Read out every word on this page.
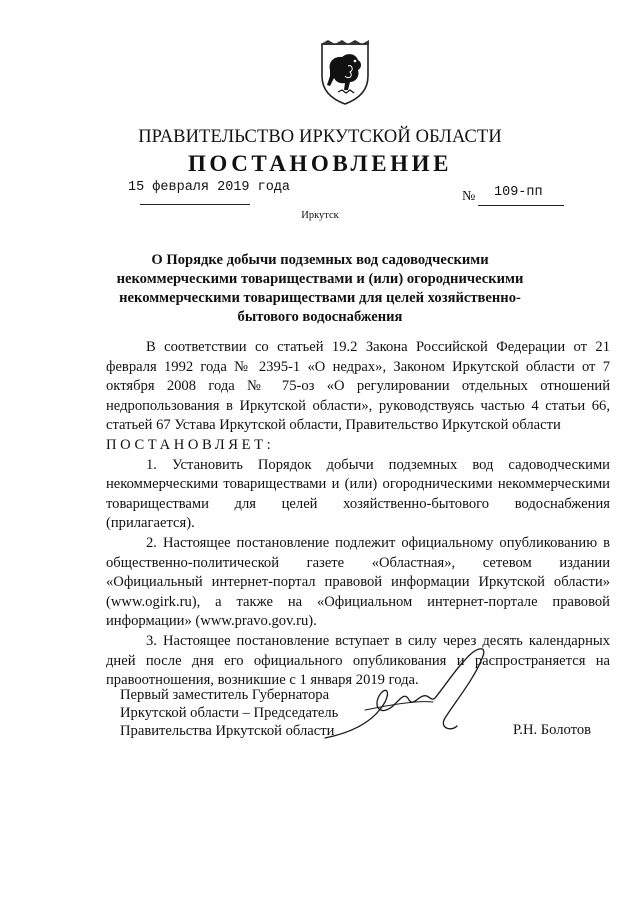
ПРАВИТЕЛЬСТВО ИРКУТСКОЙ ОБЛАСТИ
ПОСТАНОВЛЕНИЕ
15 февраля 2019 года
№ 109-пп
Иркутск
О Порядке добычи подземных вод садоводческими некоммерческими товариществами и (или) огородническими некоммерческими товариществами для целей хозяйственно-бытового водоснабжения

В соответствии со статьей 19.2 Закона Российской Федерации от 21 февраля 1992 года № 2395-1 «О недрах», Законом Иркутской области от 7 октября 2008 года № 75-оз «О регулировании отдельных отношений недропользования в Иркутской области», руководствуясь частью 4 статьи 66, статьей 67 Устава Иркутской области, Правительство Иркутской области

ПОСТАНОВЛЯЕТ:

1. Установить Порядок добычи подземных вод садоводческими некоммерческими товариществами и (или) огородническими некоммерческими товариществами для целей хозяйственно-бытового водоснабжения (прилагается).

2. Настоящее постановление подлежит официальному опубликованию в общественно-политической газете «Областная», сетевом издании «Официальный интернет-портал правовой информации Иркутской области» (www.ogirk.ru), а также на «Официальном интернет-портале правовой информации» (www.pravo.gov.ru).

3. Настоящее постановление вступает в силу через десять календарных дней после дня его официального опубликования и распространяется на правоотношения, возникшие с 1 января 2019 года.

Первый заместитель Губернатора
Иркутской области – Председатель
Правительства Иркутской области	Р.Н. Болотов
